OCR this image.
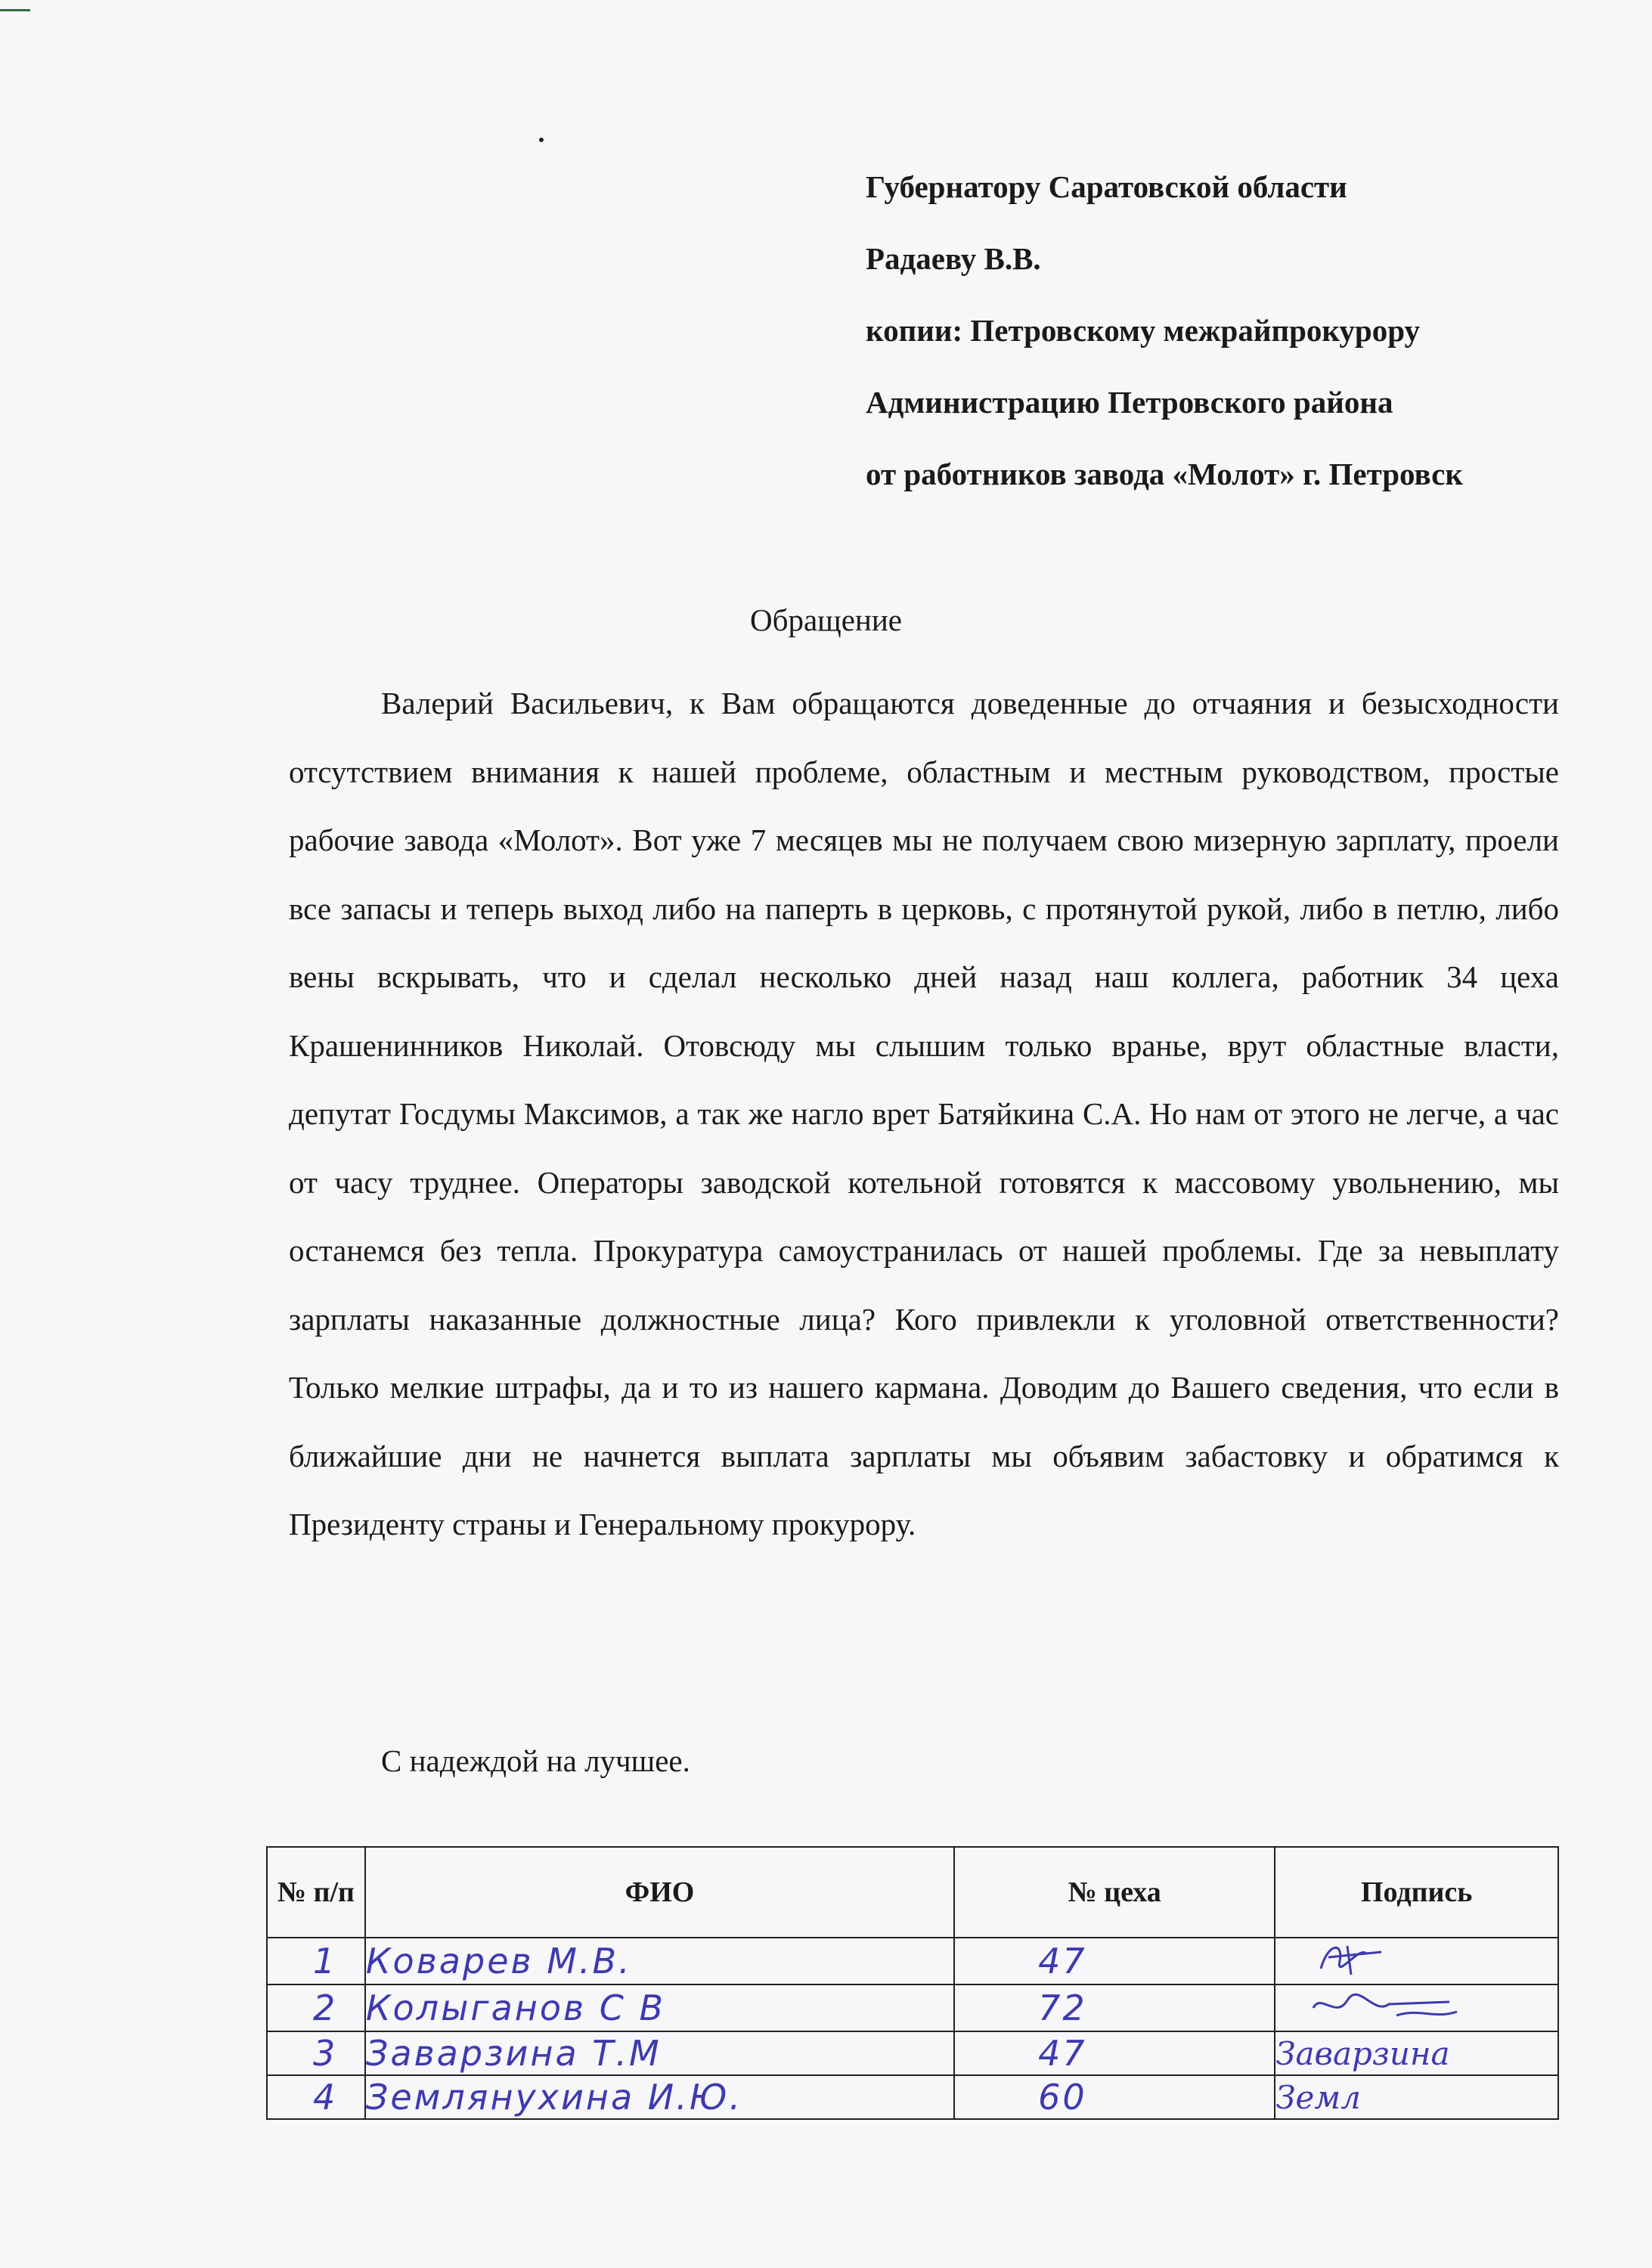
Губернатору Саратовской области
Радаеву В.В.
копии: Петровскому межрайпрокурору
Администрацию Петровского района
от работников завода «Молот» г. Петровск
Обращение
Валерий Васильевич, к Вам обращаются доведенные до отчаяния и безысходности отсутствием внимания к нашей проблеме, областным и местным руководством, простые рабочие завода «Молот». Вот уже 7 месяцев мы не получаем свою мизерную зарплату, проели все запасы и теперь выход либо на паперть в церковь, с протянутой рукой, либо в петлю, либо вены вскрывать, что и сделал несколько дней назад наш коллега, работник 34 цеха Крашенинников Николай. Отовсюду мы слышим только вранье, врут областные власти, депутат Госдумы Максимов, а так же нагло врет Батяйкина С.А. Но нам от этого не легче, а час от часу труднее. Операторы заводской котельной готовятся к массовому увольнению, мы останемся без тепла. Прокуратура самоустранилась от нашей проблемы. Где за невыплату зарплаты наказанные должностные лица? Кого привлекли к уголовной ответственности? Только мелкие штрафы, да и то из нашего кармана. Доводим до Вашего сведения, что если в ближайшие дни не начнется выплата зарплаты мы объявим забастовку и обратимся к Президенту страны и Генеральному прокурору.
С надеждой на лучшее.
№ п/п	ФИО	№ цеха	Подпись
1	Коварев М.В.	47	
2	Колыганов С В	72	
3	Заварзина Т.М	47	Заварзина
4	Землянухина И.Ю.	60	Земл
